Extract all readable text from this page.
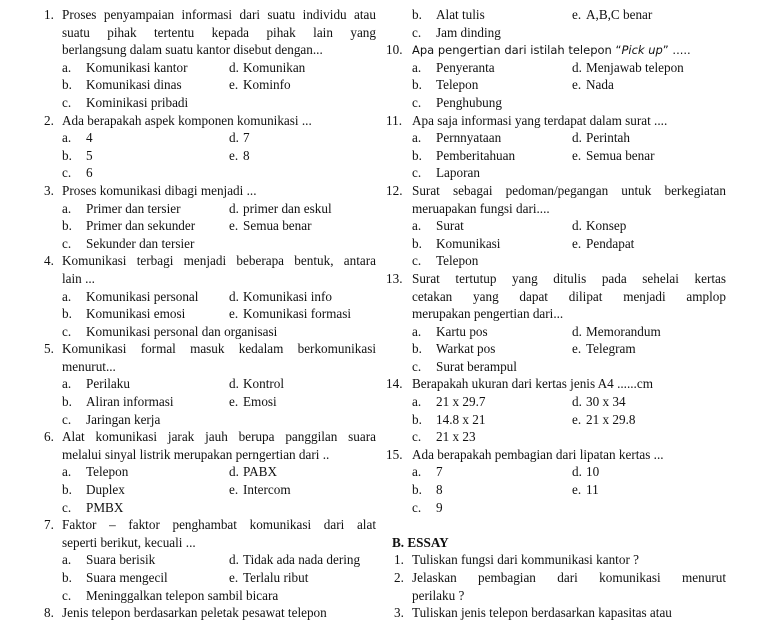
1. Proses penyampaian informasi dari suatu individu atau
suatu pihak tertentu kepada pihak lain yang
berlangsung dalam suatu kantor disebut dengan...
a.	Komunikasi kantor	d. Komunikan
b.	Komunikasi dinas	e. Kominfo
c.	Kominikasi pribadi
2. Ada berapakah aspek komponen komunikasi ...
a.	4	d. 7
b.	5	e. 8
c.	6
3. Proses komunikasi dibagi menjadi ...
a.	Primer dan tersier	d. primer dan eskul
b.	Primer dan sekunder	e. Semua benar
c.	Sekunder dan tersier
4. Komunikasi terbagi menjadi beberapa bentuk, antara
lain ...
a.	Komunikasi personal d. Komunikasi info
b.	Komunikasi emosi	e. Komunikasi formasi
c.	Komunikasi personal dan organisasi
5. Komunikasi formal masuk kedalam berkomunikasi
menurut...
a.	Perilaku	d. Kontrol
b.	Aliran informasi	e. Emosi
c.	Jaringan kerja
6. Alat komunikasi jarak jauh berupa panggilan suara
melalui sinyal listrik merupakan perngertian dari ..
a.	Telepon	d. PABX
b.	Duplex	e. Intercom
c.	PMBX
7. Faktor – faktor penghambat komunikasi dari alat
seperti berikut, kecuali ...
a.	Suara berisik	d. Tidak ada nada dering
b.	Suara mengecil	e. Terlalu ribut
c.	Meninggalkan telepon sambil bicara
8. Jenis telepon berdasarkan peletak pesawat telepon
b.	Alat tulis	e. A,B,C benar
c.	Jam dinding
10. Apa pengertian dari istilah telepon “Pick up” .....
a.	Penyeranta	d. Menjawab telepon
b.	Telepon	e. Nada
c.	Penghubung
11. Apa saja informasi yang terdapat dalam surat ....
a.	Pernnyataan	d. Perintah
b.	Pemberitahuan	e. Semua benar
c.	Laporan
12. Surat sebagai pedoman/pegangan untuk berkegiatan
meruapakan fungsi dari....
a.	Surat	d. Konsep
b.	Komunikasi	e. Pendapat
c.	Telepon
13. Surat tertutup yang ditulis pada sehelai kertas
cetakan yang dapat dilipat menjadi amplop
merupakan pengertian dari...
a.	Kartu pos	d. Memorandum
b.	Warkat pos	e. Telegram
c.	Surat berampul
14. Berapakah ukuran dari kertas jenis A4 ......cm
a.	21 x 29.7	d. 30 x 34
b.	14.8 x 21	e. 21 x 29.8
c.	21 x 23
15. Ada berapakah pembagian dari lipatan kertas ...
a.	7	d. 10
b.	8	e. 11
c.	9
B. ESSAY
1. Tuliskan fungsi dari kommunikasi kantor ?
2. Jelaskan pembagian dari komunikasi menurut
perilaku ?
3. Tuliskan jenis telepon berdasarkan kapasitas atau
